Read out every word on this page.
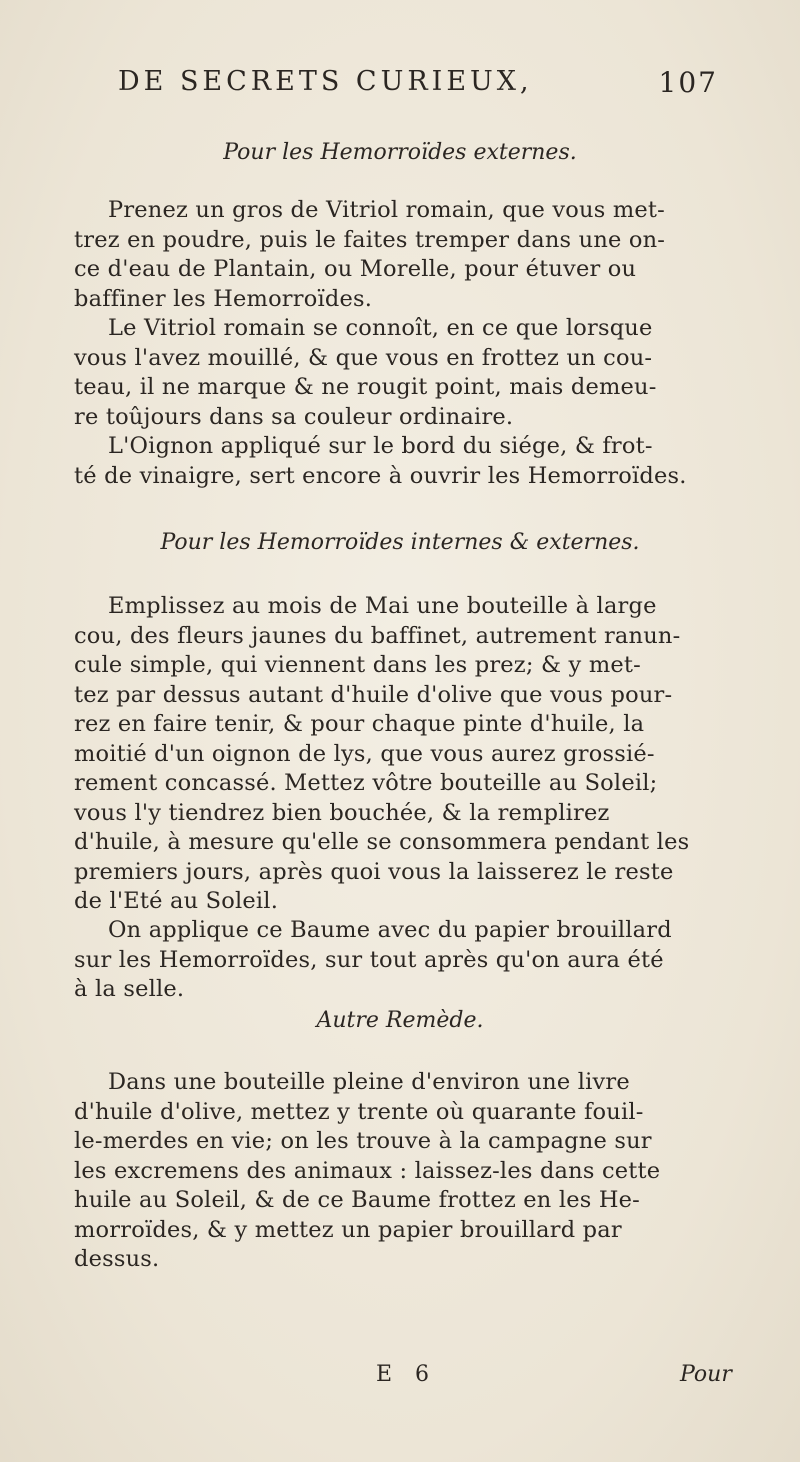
DE SECRETS CURIEUX,	107
Pour les Hemorroïdes externes.
Prenez un gros de Vitriol romain, que vous met-
trez en poudre, puis le faites tremper dans une on-
ce d'eau de Plantain, ou Morelle, pour étuver ou
baffiner les Hemorroïdes.
Le Vitriol romain se connoît, en ce que lorsque
vous l'avez mouillé, & que vous en frottez un cou-
teau, il ne marque & ne rougit point, mais demeu-
re toûjours dans sa couleur ordinaire.
L'Oignon appliqué sur le bord du siége, & frot-
té de vinaigre, sert encore à ouvrir les Hemorroïdes.
Pour les Hemorroïdes internes & externes.
Emplissez au mois de Mai une bouteille à large
cou, des fleurs jaunes du baffinet, autrement ranun-
cule simple, qui viennent dans les prez; & y met-
tez par dessus autant d'huile d'olive que vous pour-
rez en faire tenir, & pour chaque pinte d'huile, la
moitié d'un oignon de lys, que vous aurez grossié-
rement concassé. Mettez vôtre bouteille au Soleil;
vous l'y tiendrez bien bouchée, & la remplirez
d'huile, à mesure qu'elle se consommera pendant les
premiers jours, après quoi vous la laisserez le reste
de l'Eté au Soleil.
On applique ce Baume avec du papier brouillard
sur les Hemorroïdes, sur tout après qu'on aura été
à la selle.
Autre Remède.
Dans une bouteille pleine d'environ une livre
d'huile d'olive, mettez y trente où quarante fouil-
le-merdes en vie; on les trouve à la campagne sur
les excremens des animaux : laissez-les dans cette
huile au Soleil, & de ce Baume frottez en les He-
morroïdes, & y mettez un papier brouillard par
dessus.
E 6	Pour
